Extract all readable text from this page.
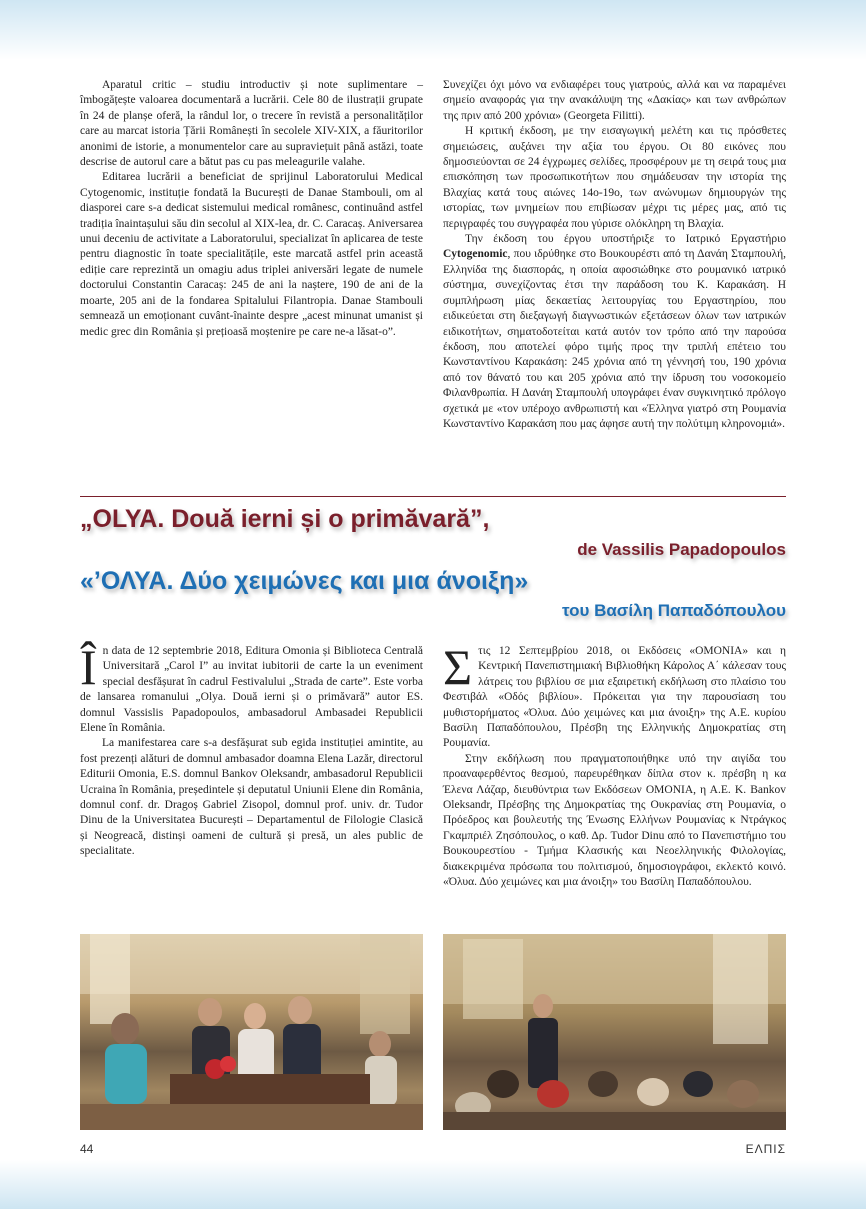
Aparatul critic – studiu introductiv și note suplimentare – îmbogățește valoarea documentară a lucrării. Cele 80 de ilustrații grupate în 24 de planșe oferă, la rândul lor, o trecere în revistă a personalităților care au marcat istoria Țării Românești în secolele XIV-XIX, a făuritorilor anonimi de istorie, a monumentelor care au supraviețuit până astăzi, toate descrise de autorul care a bătut pas cu pas meleagurile valahe.

Editarea lucrării a beneficiat de sprijinul Laboratorului Medical Cytogenomic, instituție fondată la București de Danae Stambouli, om al diasporei care s-a dedicat sistemului medical românesc, continuând astfel tradiția înaintașului său din secolul al XIX-lea, dr. C. Caracaș. Aniversarea unui deceniu de activitate a Laboratorului, specializat în aplicarea de teste pentru diagnostic în toate specialitățile, este marcată astfel prin această ediție care reprezintă un omagiu adus triplei aniversări legate de numele doctorului Constantin Caracaș: 245 de ani la naștere, 190 de ani de la moarte, 205 ani de la fondarea Spitalului Filantropia. Danae Stambouli semnează un emoționant cuvânt-înainte despre „acest minunat umanist și medic grec din România și prețioasă moștenire pe care ne-a lăsat-o”.

Συνεχίζει όχι μόνο να ενδιαφέρει τους γιατρούς, αλλά και να παραμένει σημείο αναφοράς για την ανακάλυψη της «Δακίας» και των ανθρώπων της πριν από 200 χρόνια» (Georgeta Filitti).

Η κριτική έκδοση, με την εισαγωγική μελέτη και τις πρόσθετες σημειώσεις, αυξάνει την αξία του έργου. Οι 80 εικόνες που δημοσιεύονται σε 24 έγχρωμες σελίδες, προσφέρουν με τη σειρά τους μια επισκόπηση των προσωπικοτήτων που σημάδευσαν την ιστορία της Βλαχίας κατά τους αιώνες 14ο-19ο, των ανώνυμων δημιουργών της ιστορίας, των μνημείων που επιβίωσαν μέχρι τις μέρες μας, από τις περιγραφές του συγγραφέα που γύρισε ολόκληρη τη Βλαχία.

Την έκδοση του έργου υποστήριξε το Ιατρικό Εργαστήριο Cytogenomic, που ιδρύθηκε στο Βουκουρέστι από τη Δανάη Σταμπουλή, Ελληνίδα της διασποράς, η οποία αφοσιώθηκε στο ρουμανικό ιατρικό σύστημα, συνεχίζοντας έτσι την παράδοση του Κ. Καρακάση. Η συμπλήρωση μίας δεκαετίας λειτουργίας του Εργαστηρίου, που ειδικεύεται στη διεξαγωγή διαγνωστικών εξετάσεων όλων των ιατρικών ειδικοτήτων, σηματοδοτείται κατά αυτόν τον τρόπο από την παρούσα έκδοση, που αποτελεί φόρο τιμής προς την τριπλή επέτειο του Κωνσταντίνου Καρακάση: 245 χρόνια από τη γέννησή του, 190 χρόνια από τον θάνατό του και 205 χρόνια από την ίδρυση του νοσοκομείο Φιλανθρωπία. Η Δανάη Σταμπουλή υπογράφει έναν συγκινητικό πρόλογο σχετικά με «τον υπέροχο ανθρωπιστή και «Έλληνα γιατρό στη Ρουμανία Κωνσταντίνο Καρακάση που μας άφησε αυτή την πολύτιμη κληρονομιά».

„OLYA. Două ierni și o primăvară”,
de Vassilis Papadopoulos
«’ΟΛΥΑ. Δύο χειμώνες και μια άνοιξη»
του Βασίλη Παπαδόπουλου

În data de 12 septembrie 2018, Editura Omonia și Biblioteca Centrală Universitară „Carol I” au invitat iubitorii de carte la un eveniment special desfășurat în cadrul Festivalului „Strada de carte”. Este vorba de lansarea romanului „Olya. Două ierni și o primăvară” autor ES. domnul Vassislis Papadopoulos, ambasadorul Ambasadei Republicii Elene în România.

La manifestarea care s-a desfășurat sub egida instituției amintite, au fost prezenți alături de domnul ambasador doamna Elena Lazăr, directorul Editurii Omonia, E.S. domnul Bankov Oleksandr, ambasadorul Republicii Ucraina în România, președintele și deputatul Uniunii Elene din România, domnul conf. dr. Dragoș Gabriel Zisopol, domnul prof. univ. dr. Tudor Dinu de la Universitatea București – Departamentul de Filologie Clasică și Neogreacă, distinși oameni de cultură și presă, un ales public de specialitate.

Στις 12 Σεπτεμβρίου 2018, οι Εκδόσεις «ΟΜΟΝΙΑ» και η Κεντρική Πανεπιστημιακή Βιβλιοθήκη Κάρολος Α΄ κάλεσαν τους λάτρεις του βιβλίου σε μια εξαιρετική εκδήλωση στο πλαίσιο του Φεστιβάλ «Οδός βιβλίου». Πρόκειται για την παρουσίαση του μυθιστορήματος «Όλυα. Δύο χειμώνες και μια άνοιξη» της Α.Ε. κυρίου Βασίλη Παπαδόπουλου, Πρέσβη της Ελληνικής Δημοκρατίας στη Ρουμανία.

Στην εκδήλωση που πραγματοποιήθηκε υπό την αιγίδα του προαναφερθέντος θεσμού, παρευρέθηκαν δίπλα στον κ. πρέσβη η κα Έλενα Λάζαρ, διευθύντρια των Εκδόσεων ΟΜΟΝΙΑ, η Α.Ε. Κ. Bankov Oleksandr, Πρέσβης της Δημοκρατίας της Ουκρανίας στη Ρουμανία, ο Πρόεδρος και βουλευτής της Ένωσης Ελλήνων Ρουμανίας κ Ντράγκος Γκαμπριέλ Ζησόπουλος, ο καθ. Δρ. Tudor Dinu από το Πανεπιστήμιο του Βουκουρεστίου - Τμήμα Κλασικής και Νεοελληνικής Φιλολογίας, διακεκριμένα πρόσωπα του πολιτισμού, δημοσιογράφοι, εκλεκτό κοινό. «Όλυα. Δύο χειμώνες και μια άνοιξη» του Βασίλη Παπαδόπουλου.

44	ΕΛΠΙΣ
